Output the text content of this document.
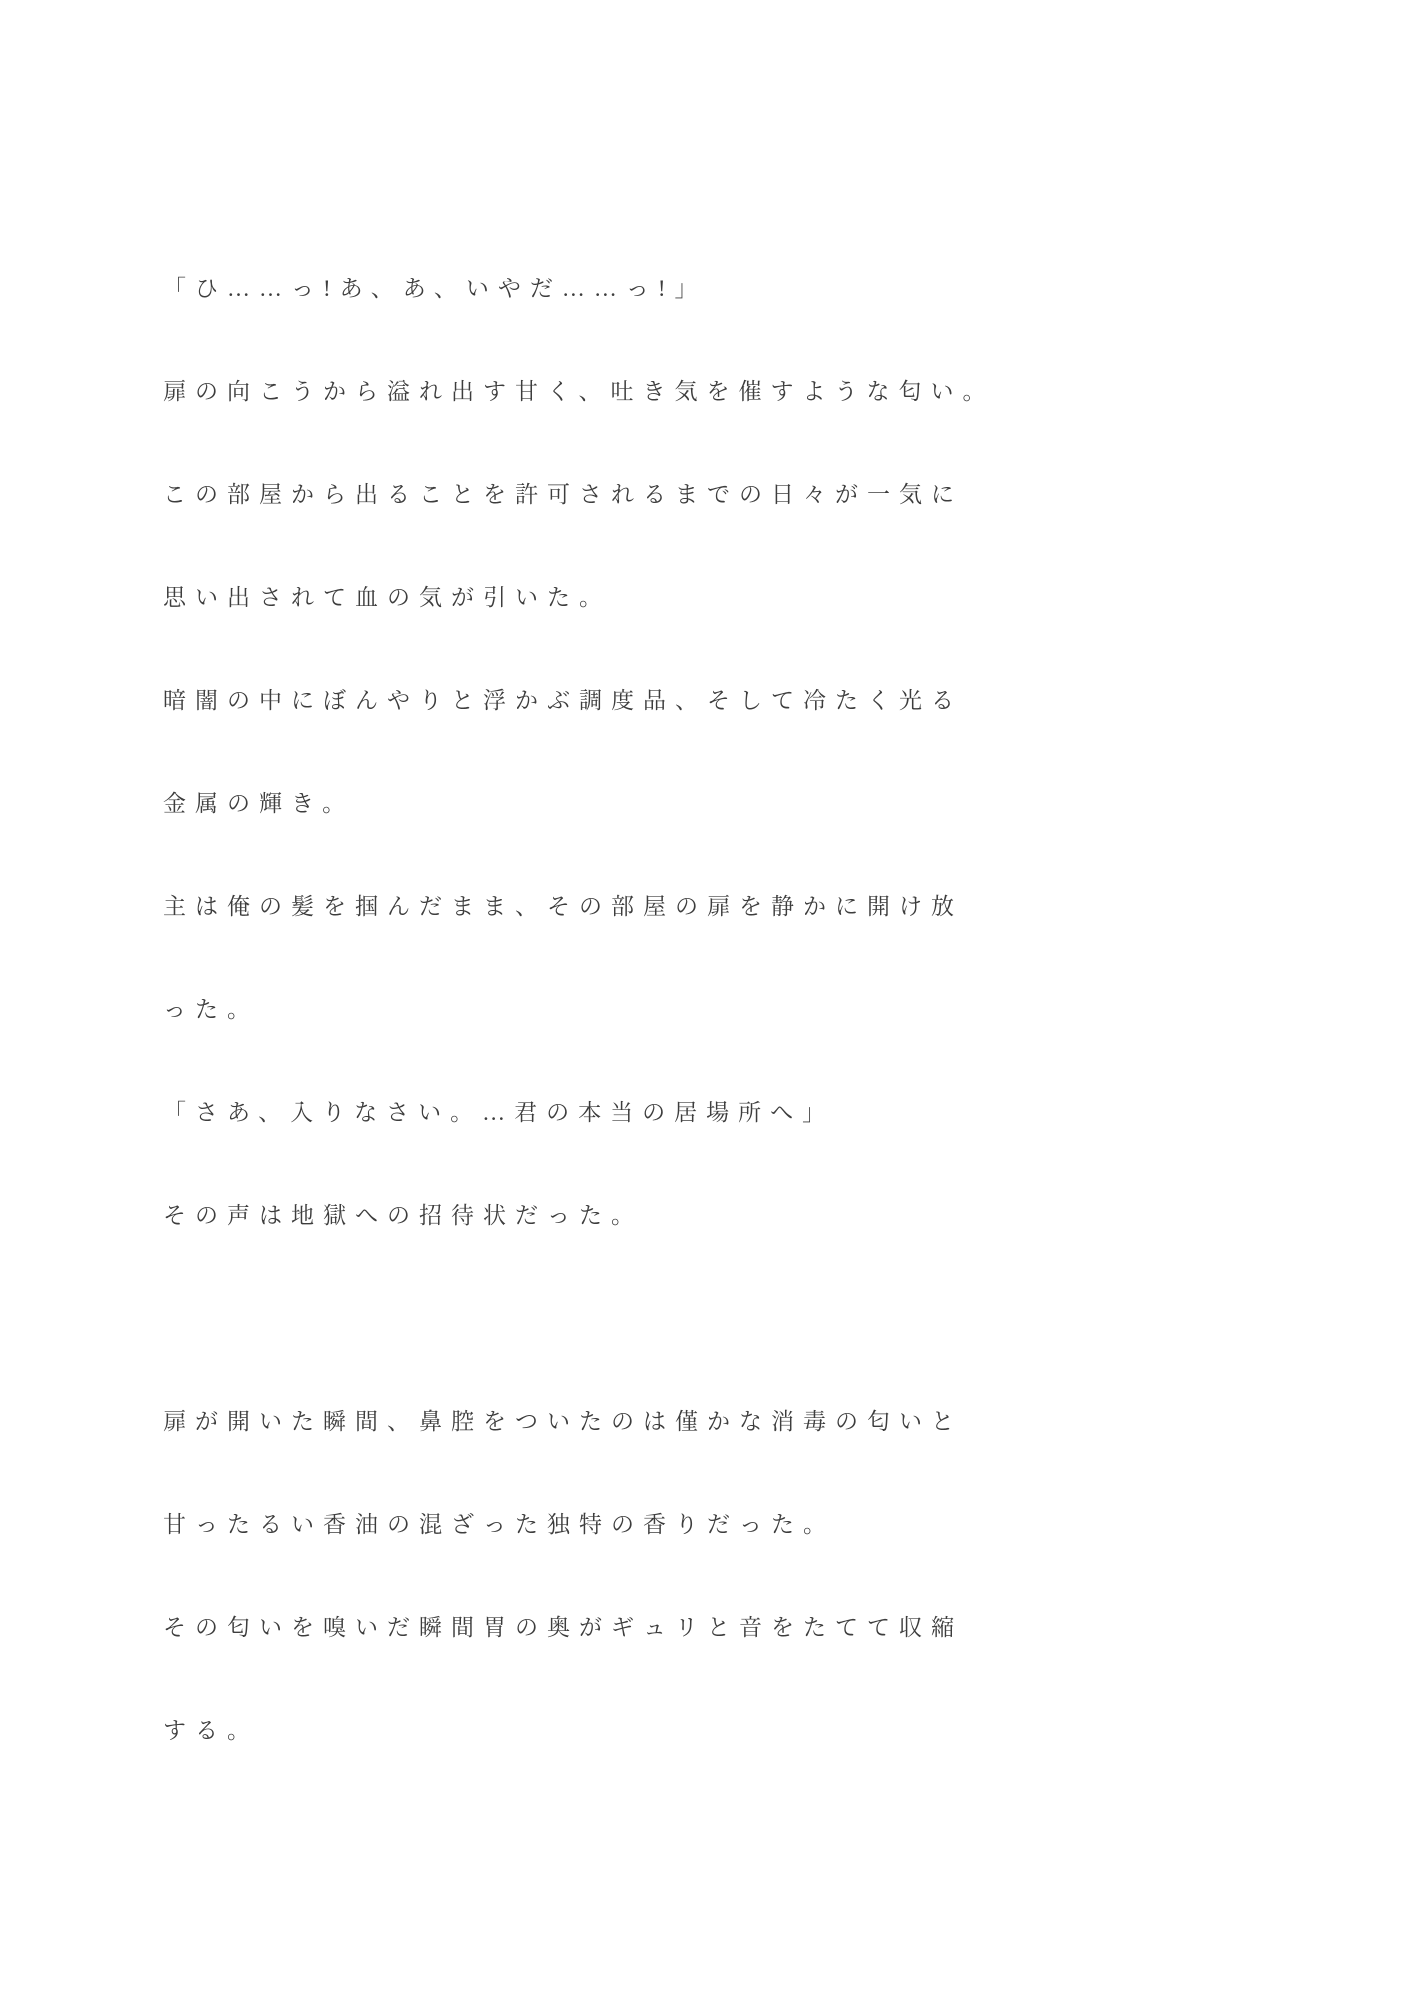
「ひ……っ!あ、あ、いやだ……っ!」

扉の向こうから溢れ出す甘く、吐き気を催すような匂い。

この部屋から出ることを許可されるまでの日々が一気に

思い出されて血の気が引いた。

暗闇の中にぼんやりと浮かぶ調度品、そして冷たく光る

金属の輝き。

主は俺の髪を掴んだまま、その部屋の扉を静かに開け放

った。

「さあ、入りなさい。…君の本当の居場所へ」

その声は地獄への招待状だった。

扉が開いた瞬間、鼻腔をついたのは僅かな消毒の匂いと

甘ったるい香油の混ざった独特の香りだった。

その匂いを嗅いだ瞬間胃の奥がギュリと音をたてて収縮

する。
